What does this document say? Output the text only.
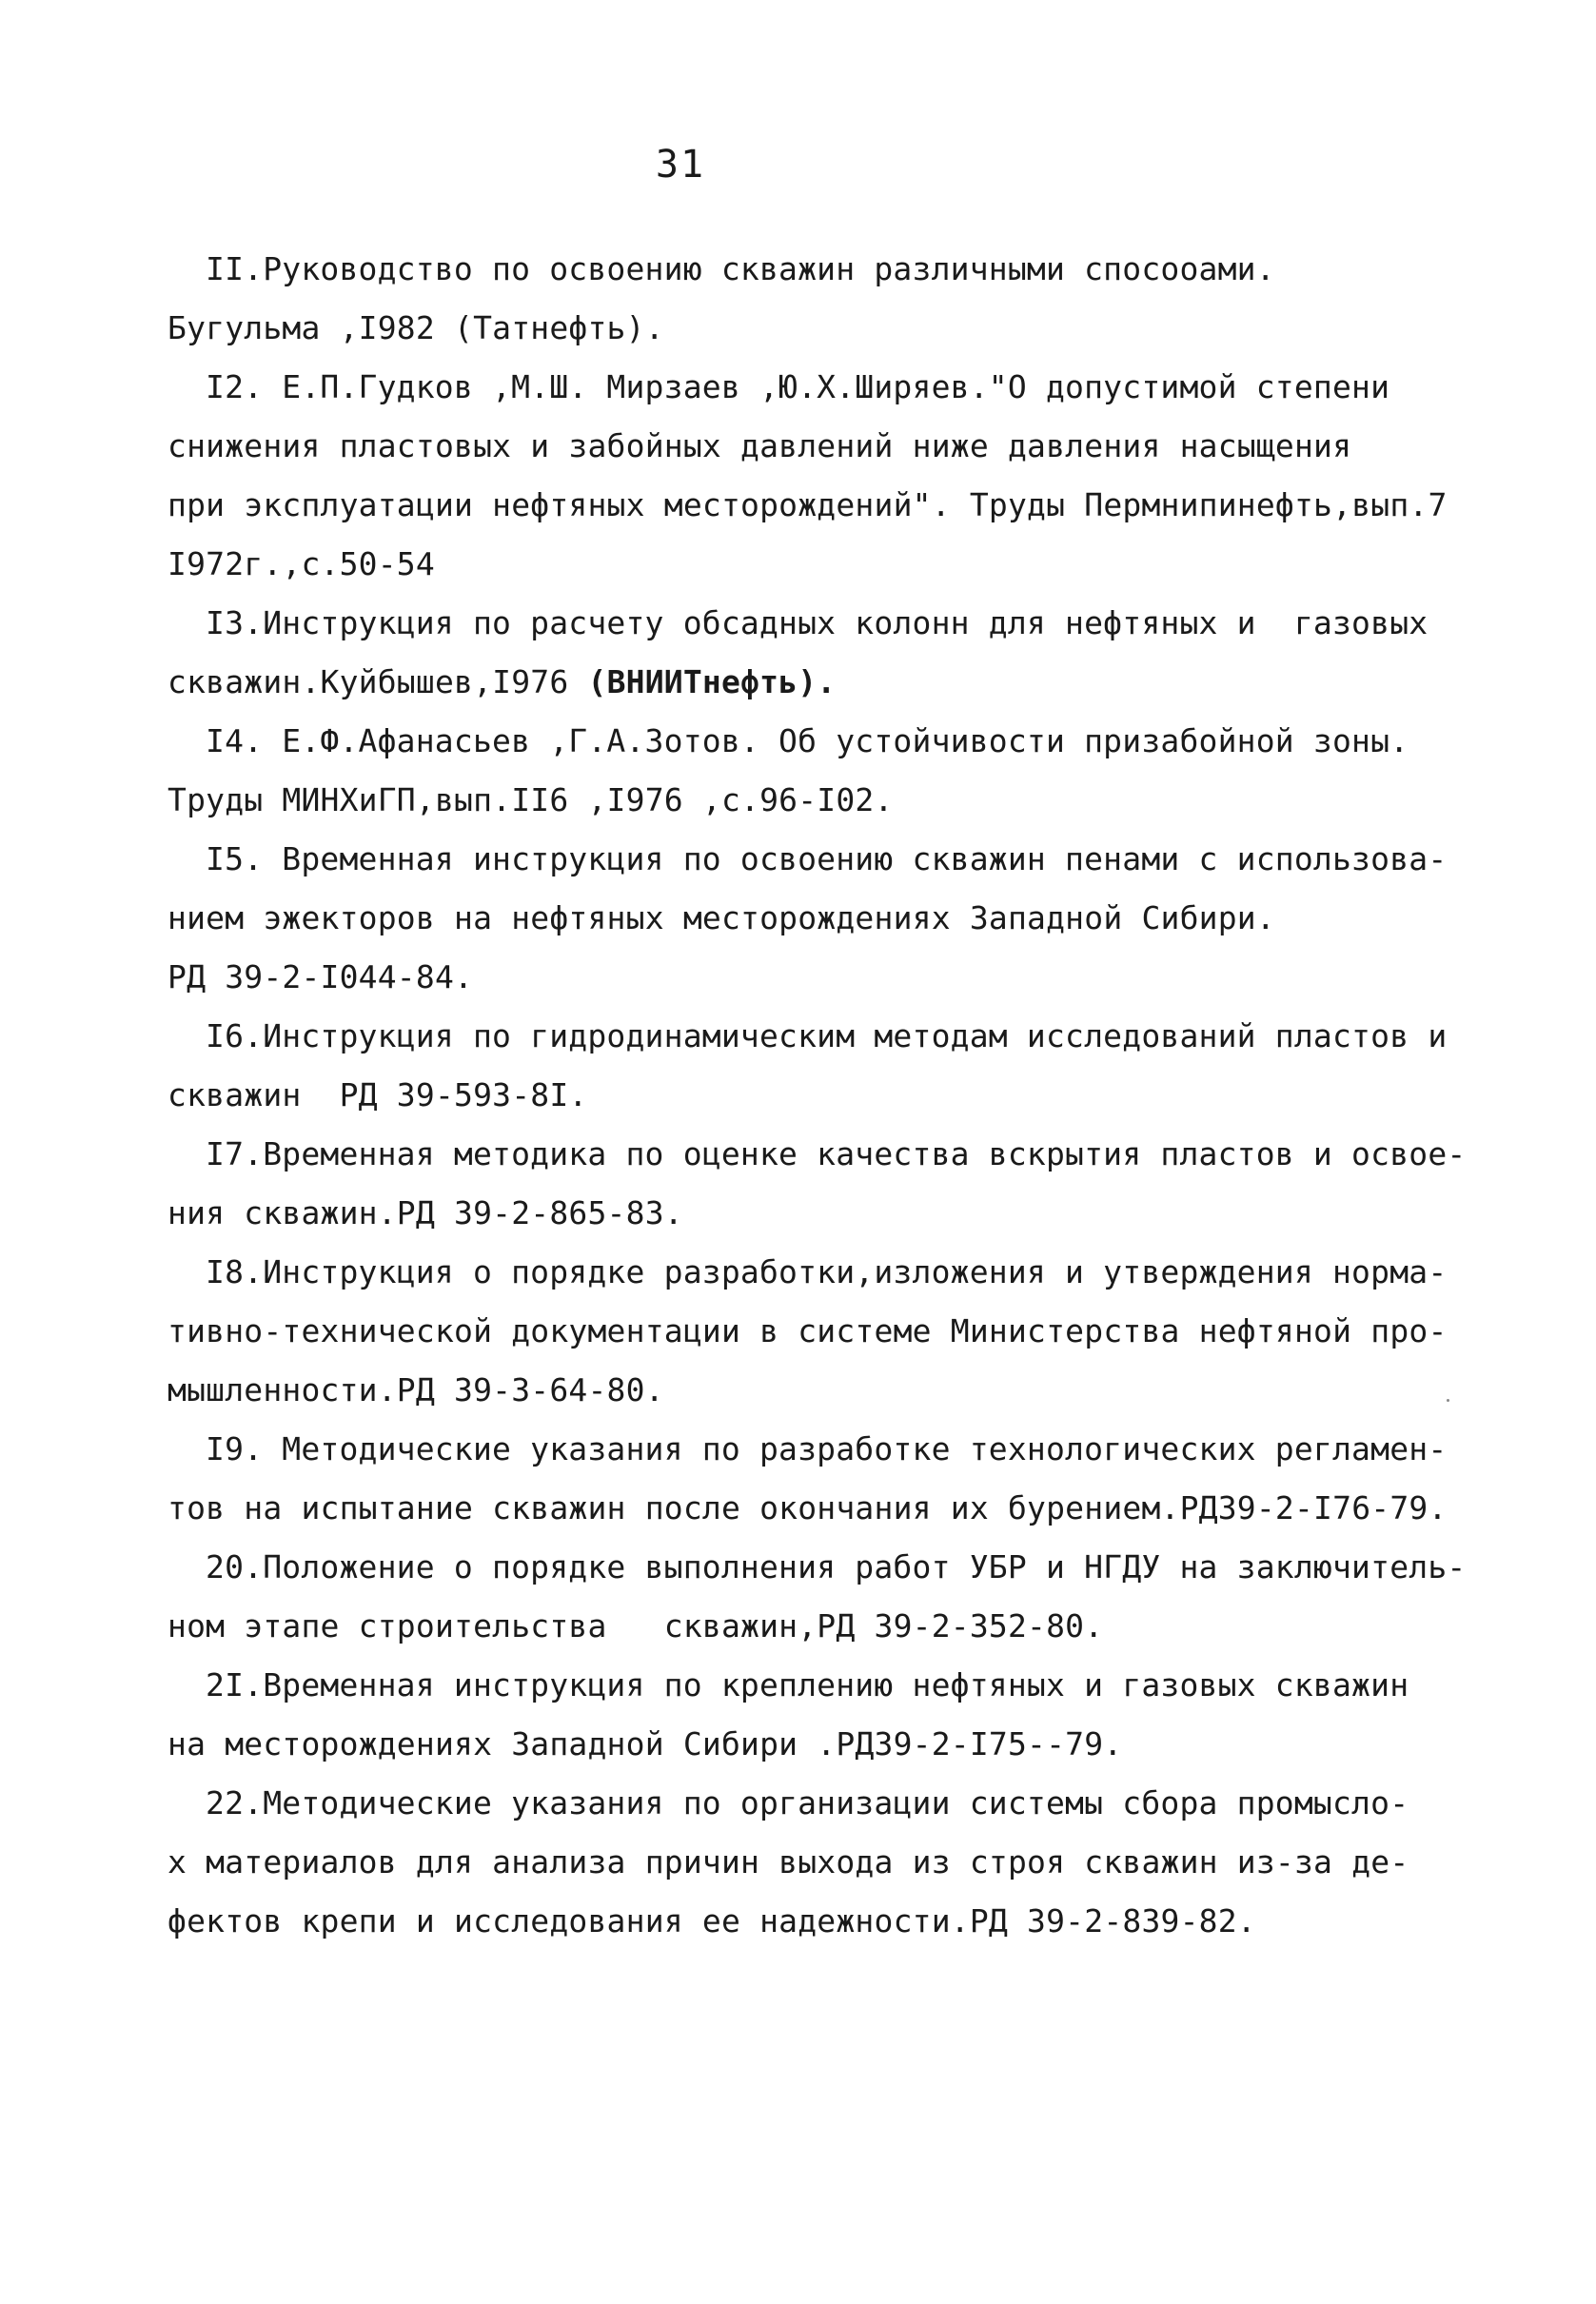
31
II.Руководство по освоению скважин различными спосооами.
Бугульма ,I982 (Татнефть).
I2. Е.П.Гудков ,М.Ш. Мирзаев ,Ю.Х.Ширяев."О допустимой степени
снижения пластовых и забойных давлений ниже давления насыщения
при эксплуатации нефтяных месторождений". Труды Пермнипинефть,вып.7
I972г.,с.50-54
I3.Инструкция по расчету обсадных колонн для нефтяных и  газовых
скважин.Куйбышев,I976 (ВНИИТнефть).
I4. Е.Ф.Афанасьев ,Г.А.Зотов. Об устойчивости призабойной зоны.
Труды МИНХиГП,вып.II6 ,I976 ,с.96-I02.
I5. Временная инструкция по освоению скважин пенами с использова-
нием эжекторов на нефтяных месторождениях Западной Сибири.
РД 39-2-I044-84.
I6.Инструкция по гидродинамическим методам исследований пластов и
скважин  РД 39-593-8I.
I7.Временная методика по оценке качества вскрытия пластов и освое-
ния скважин.РД 39-2-865-83.
I8.Инструкция о порядке разработки,изложения и утверждения норма-
тивно-технической документации в системе Министерства нефтяной про-
мышленности.РД 39-3-64-80.
I9. Методические указания по разработке технологических регламен-
тов на испытание скважин после окончания их бурением.РД39-2-I76-79.
20.Положение о порядке выполнения работ УБР и НГДУ на заключитель-
ном этапе строительства   скважин,РД 39-2-352-80.
2I.Временная инструкция по креплению нефтяных и газовых скважин
на месторождениях Западной Сибири .РД39-2-I75--79.
22.Методические указания по организации системы сбора промысло-
х материалов для анализа причин выхода из строя скважин из-за де-
фектов крепи и исследования ее надежности.РД 39-2-839-82.
